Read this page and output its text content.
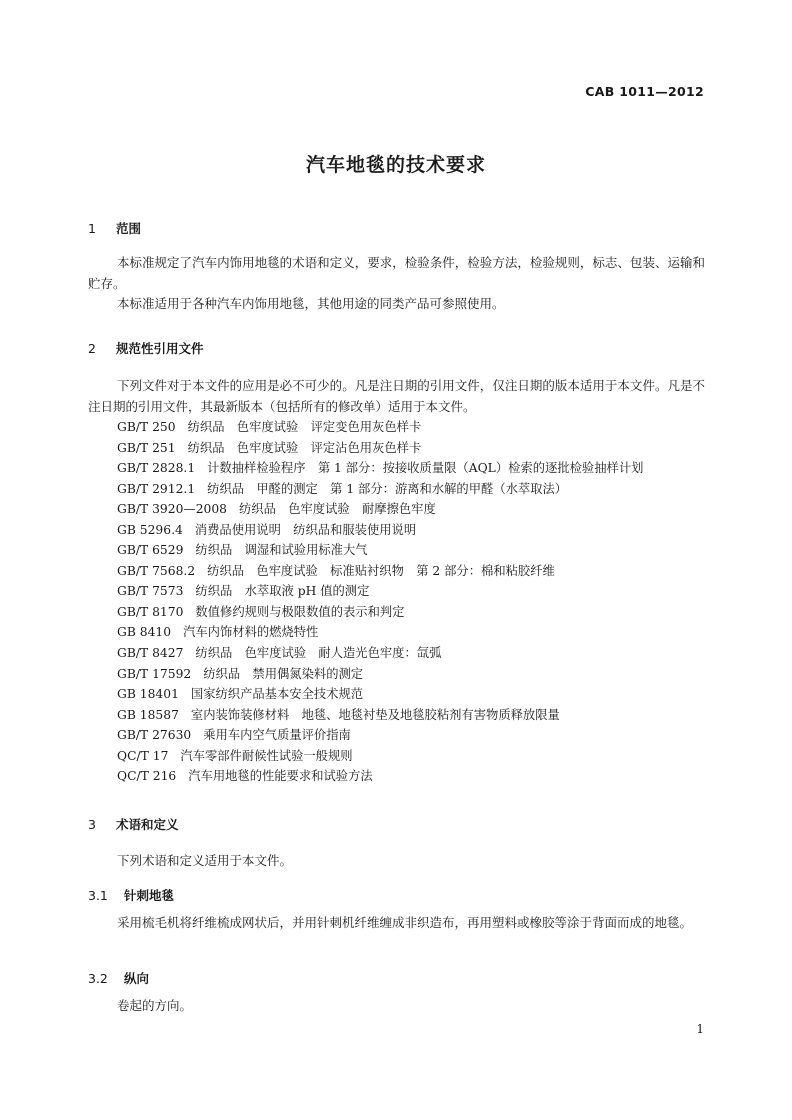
CAB 1011—2012
汽车地毯的技术要求
1 范围
本标准规定了汽车内饰用地毯的术语和定义，要求，检验条件，检验方法，检验规则，标志、包装、运输和贮存。
本标准适用于各种汽车内饰用地毯，其他用途的同类产品可参照使用。
2 规范性引用文件
下列文件对于本文件的应用是必不可少的。凡是注日期的引用文件，仅注日期的版本适用于本文件。凡是不注日期的引用文件，其最新版本（包括所有的修改单）适用于本文件。
GB/T 250 纺织品　色牢度试验　评定变色用灰色样卡
GB/T 251 纺织品　色牢度试验　评定沾色用灰色样卡
GB/T 2828.1 计数抽样检验程序　第 1 部分：按接收质量限（AQL）检索的逐批检验抽样计划
GB/T 2912.1 纺织品　甲醛的测定　第 1 部分：游离和水解的甲醛（水萃取法）
GB/T 3920—2008 纺织品　色牢度试验　耐摩擦色牢度
GB 5296.4 消费品使用说明　纺织品和服装使用说明
GB/T 6529 纺织品　调湿和试验用标准大气
GB/T 7568.2 纺织品　色牢度试验　标准贴衬织物　第 2 部分：棉和粘胶纤维
GB/T 7573 纺织品　水萃取液 pH 值的测定
GB/T 8170 数值修约规则与极限数值的表示和判定
GB 8410 汽车内饰材料的燃烧特性
GB/T 8427 纺织品　色牢度试验　耐人造光色牢度：氙弧
GB/T 17592 纺织品　禁用偶氮染料的测定
GB 18401 国家纺织产品基本安全技术规范
GB 18587 室内装饰装修材料　地毯、地毯衬垫及地毯胶粘剂有害物质释放限量
GB/T 27630 乘用车内空气质量评价指南
QC/T 17 汽车零部件耐候性试验一般规则
QC/T 216 汽车用地毯的性能要求和试验方法
3 术语和定义
下列术语和定义适用于本文件。
3.1 针刺地毯
采用梳毛机将纤维梳成网状后，并用针刺机纤维缠成非织造布，再用塑料或橡胶等涂于背面而成的地毯。
3.2 纵向
卷起的方向。
1
